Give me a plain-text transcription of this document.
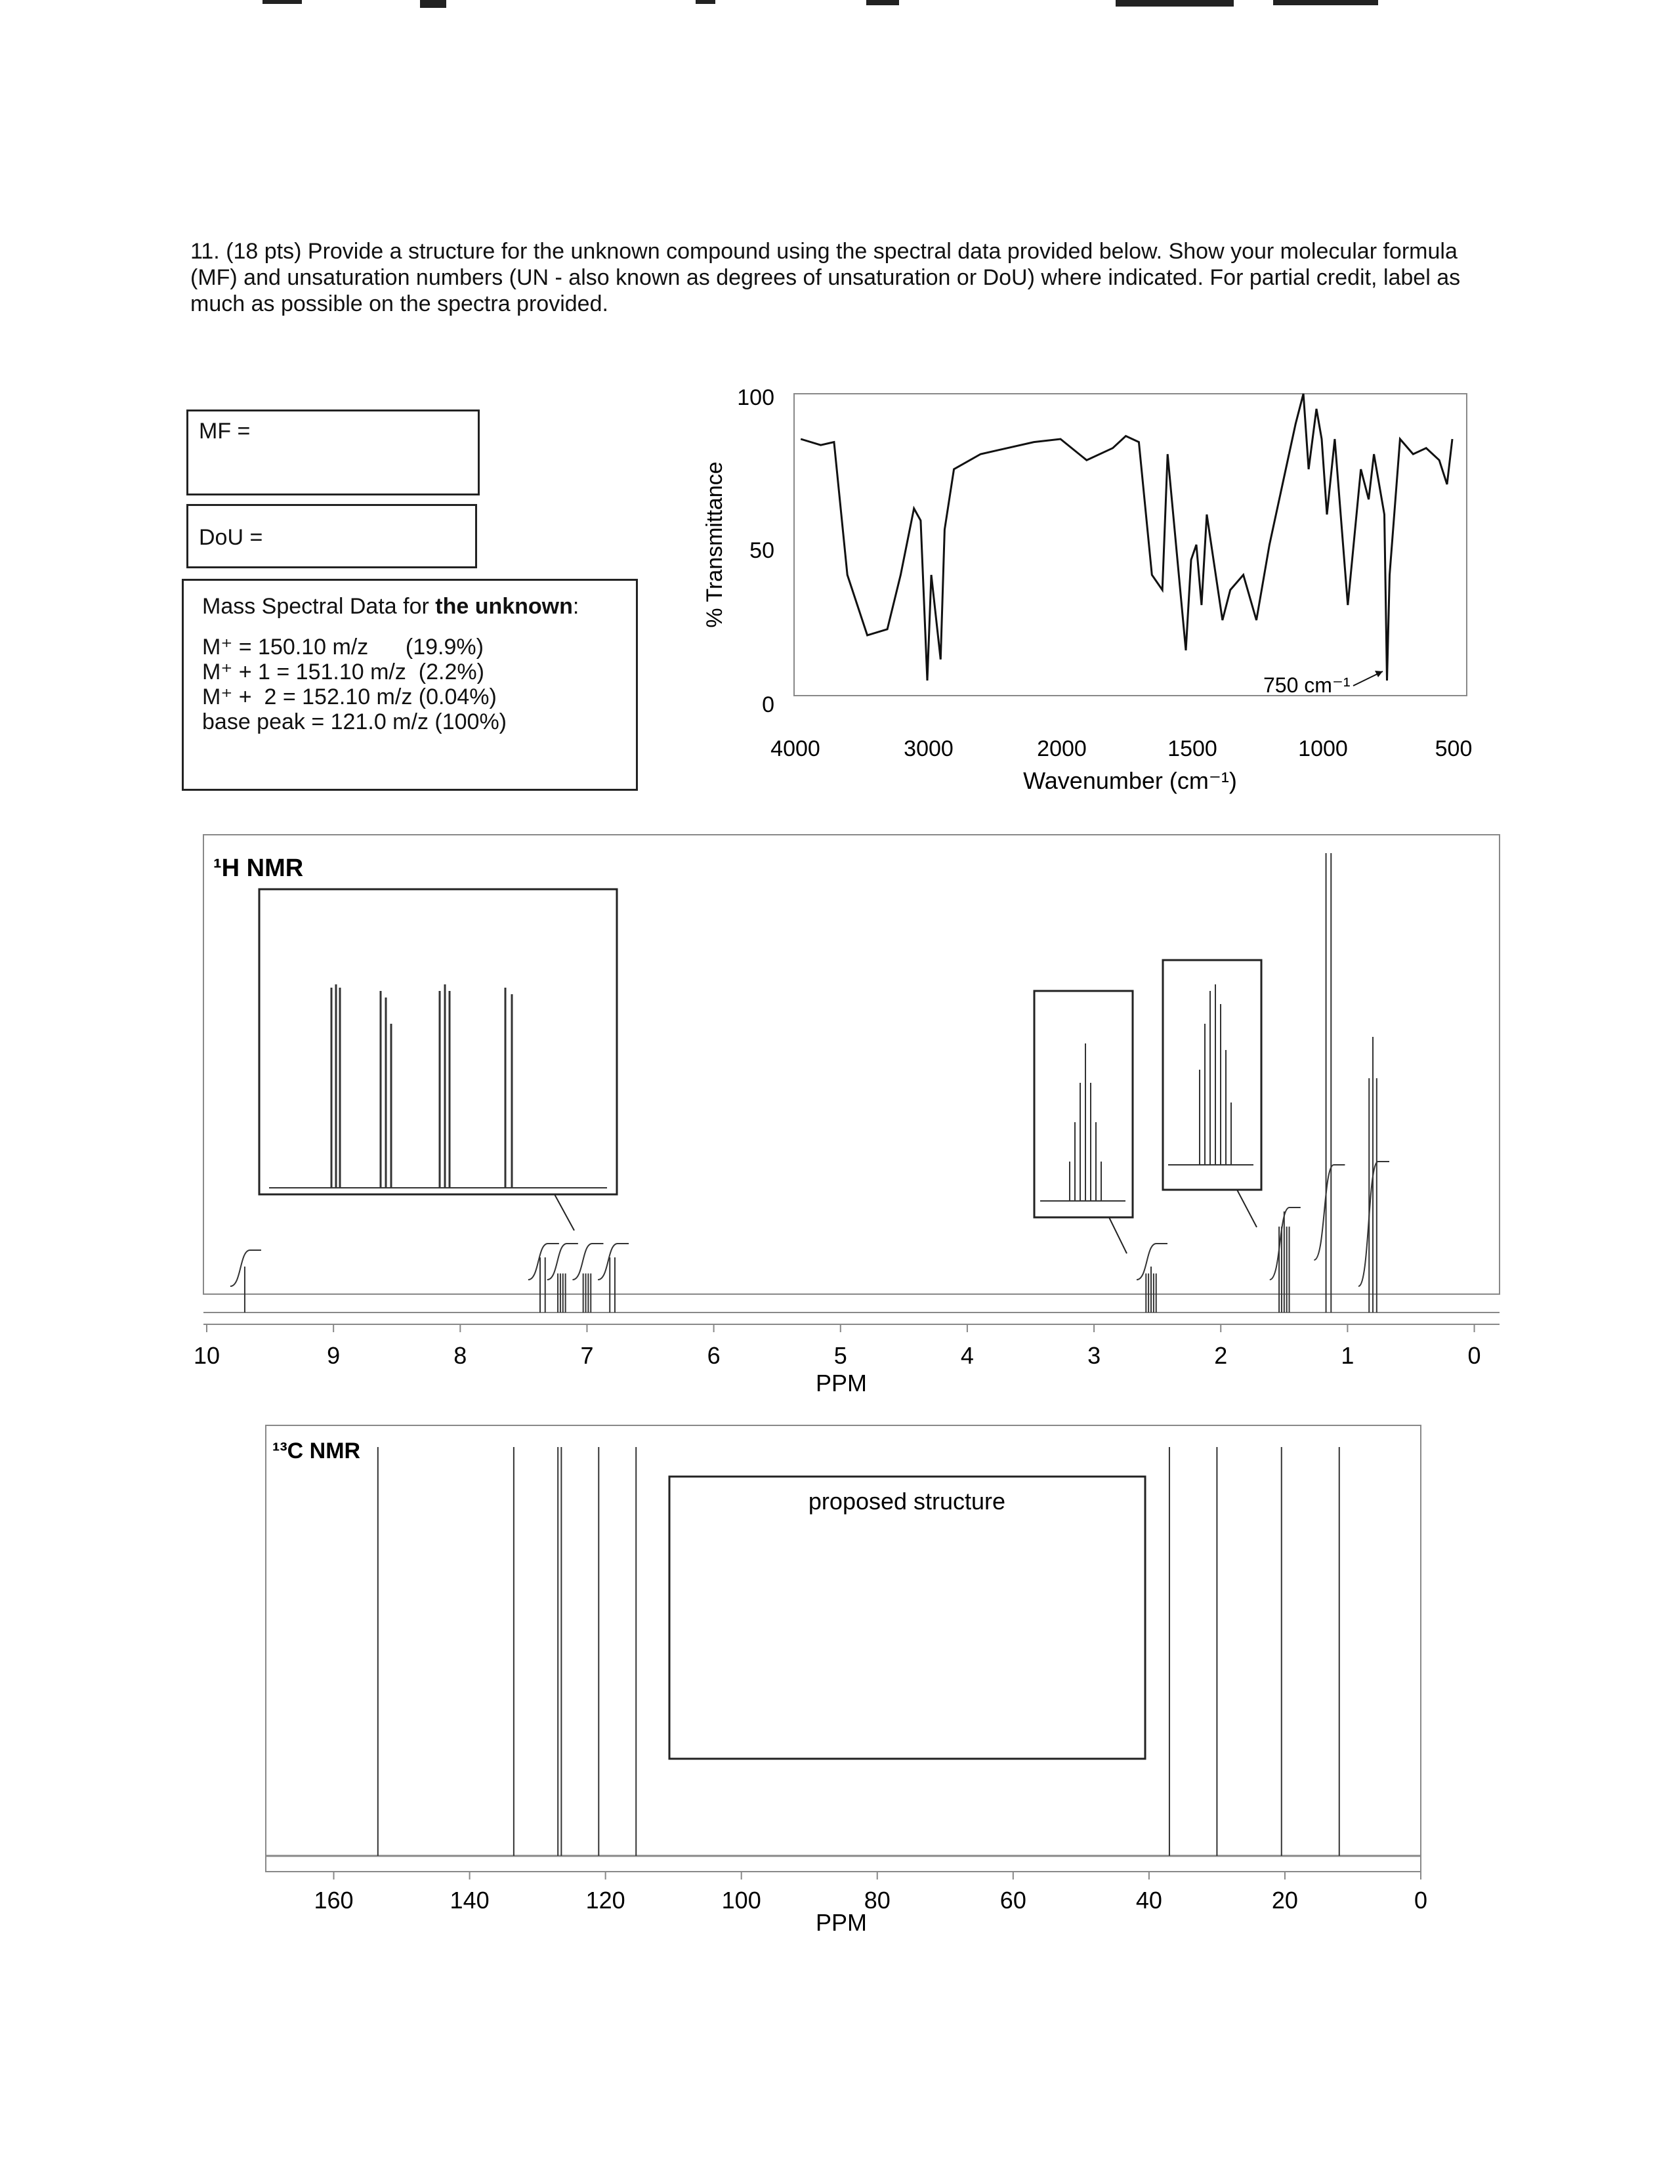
11. (18 pts) Provide a structure for the unknown compound using the spectral data provided below. Show your molecular formula (MF) and unsaturation numbers (UN - also known as degrees of unsaturation or DoU) where indicated. For partial credit, label as much as possible on the spectra provided.
MF =
DoU =
Mass Spectral Data for the unknown:
M⁺ = 150.10 m/z      (19.9%)
M⁺ + 1 = 151.10 m/z  (2.2%)
M⁺ +  2 = 152.10 m/z (0.04%)
base peak = 121.0 m/z (100%)
% Transmittance
100
50
0
4000	3000	2000	1500	1000	500
Wavenumber (cm⁻¹)
750 cm⁻¹
¹H NMR
10	9	8	7	6	5	4	3	2	1	0
PPM
¹³C NMR
160	140	120	100	80	60	40	20	0
proposed structure
PPM
